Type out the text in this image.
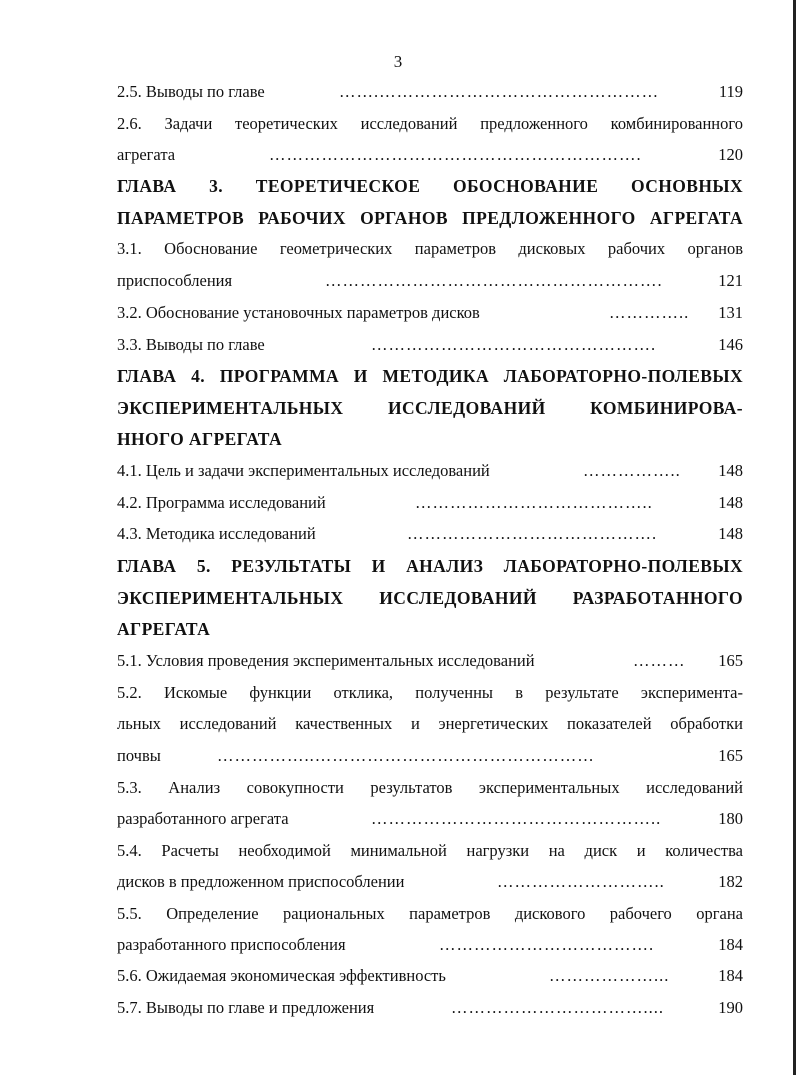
3
2.5. Выводы по главе	…….…………………………………………	119
2.6. Задачи теоретических исследований предложенного комбинированного
агрегата	……………………………………………………….	120
ГЛАВА 3. ТЕОРЕТИЧЕСКОЕ ОБОСНОВАНИЕ ОСНОВНЫХ
ПАРАМЕТРОВ РАБОЧИХ ОРГАНОВ ПРЕДЛОЖЕННОГО АГРЕГАТА
3.1. Обоснование геометрических параметров дисковых рабочих органов
приспособления	………………………………………………….	121
3.2. Обоснование установочных параметров дисков	………….. 131
3.3. Выводы по главе	………………………………………….	146
ГЛАВА 4. ПРОГРАММА И МЕТОДИКА ЛАБОРАТОРНО-ПОЛЕВЫХ
ЭКСПЕРИМЕНТАЛЬНЫХ ИССЛЕДОВАНИЙ КОМБИНИРОВА-
ННОГО АГРЕГАТА
4.1. Цель и задачи экспериментальных исследований	…………….. 148
4.2. Программа исследований	…………………………………..	148
4.3. Методика исследований	…………………………………….	148
ГЛАВА 5. РЕЗУЛЬТАТЫ И АНАЛИЗ ЛАБОРАТОРНО-ПОЛЕВЫХ
ЭКСПЕРИМЕНТАЛЬНЫХ ИССЛЕДОВАНИЙ РАЗРАБОТАННОГО
АГРЕГАТА
5.1. Условия проведения экспериментальных исследований	……… 165
5.2. Искомые функции отклика, полученны в результате эксперимента-
льных исследований качественных и энергетических показателей обработки
почвы	……………..…………………………………………	165
5.3. Анализ совокупности результатов экспериментальных исследований
разработанного агрегата	…………………………………………..	180
5.4. Расчеты необходимой минимальной нагрузки на диск и количества
дисков в предложенном приспособлении	………………………..	182
5.5. Определение рациональных параметров дискового рабочего органа
разработанного приспособления	……………………………….	184
5.6. Ожидаемая экономическая эффективность	………………...	184
5.7. Выводы по главе и предложения	……………………………....	190
